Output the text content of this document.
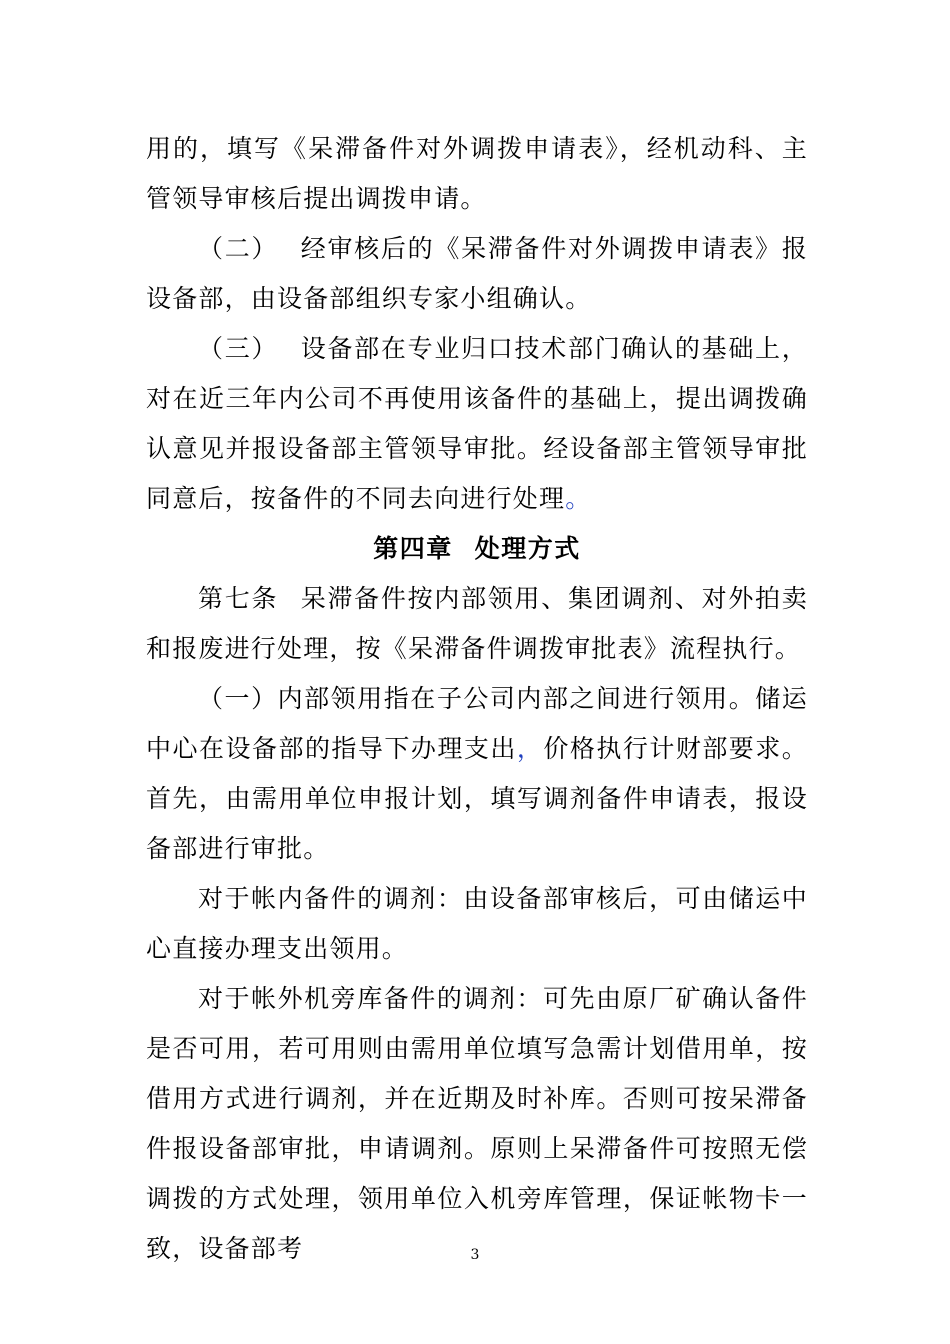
用的，填写《呆滞备件对外调拨申请表》，经机动科、主管领导审核后提出调拨申请。

（二） 经审核后的《呆滞备件对外调拨申请表》报设备部，由设备部组织专家小组确认。

（三） 设备部在专业归口技术部门确认的基础上，对在近三年内公司不再使用该备件的基础上，提出调拨确认意见并报设备部主管领导审批。经设备部主管领导审批同意后，按备件的不同去向进行处理。

第四章 处理方式

第七条 呆滞备件按内部领用、集团调剂、对外拍卖和报废进行处理，按《呆滞备件调拨审批表》流程执行。

（一）内部领用指在子公司内部之间进行领用。储运中心在设备部的指导下办理支出，价格执行计财部要求。首先，由需用单位申报计划，填写调剂备件申请表，报设备部进行审批。

对于帐内备件的调剂：由设备部审核后，可由储运中心直接办理支出领用。

对于帐外机旁库备件的调剂：可先由原厂矿确认备件是否可用，若可用则由需用单位填写急需计划借用单，按借用方式进行调剂，并在近期及时补库。否则可按呆滞备件报设备部审批，申请调剂。原则上呆滞备件可按照无偿调拨的方式处理，领用单位入机旁库管理，保证帐物卡一致，设备部考	3
